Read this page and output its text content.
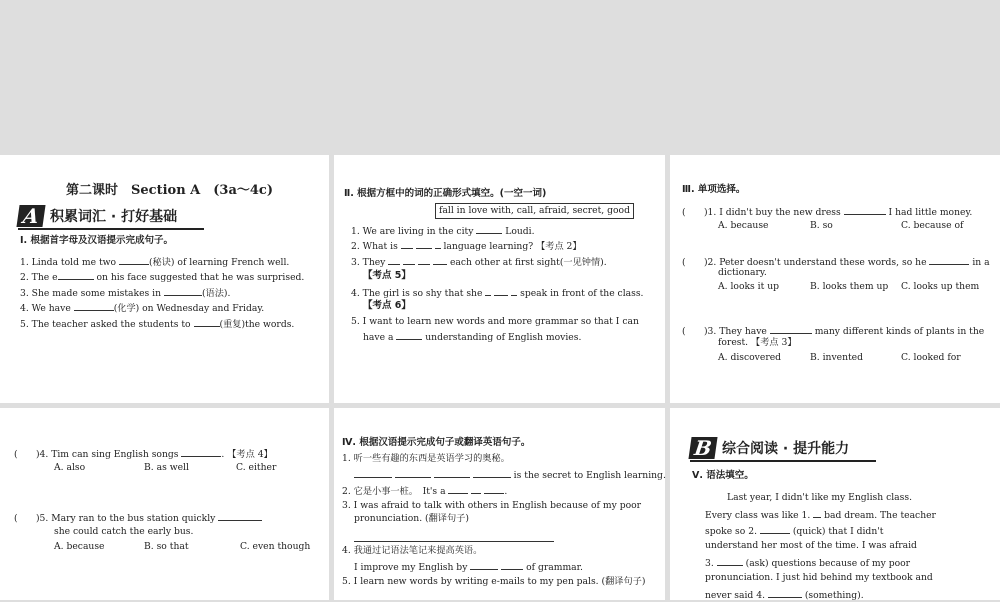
第二课时　Section A　(3a～4c)
A 积累词汇 · 打好基础
Ⅰ. 根据首字母及汉语提示完成句子。
1. Linda told me two	(秘诀) of learning French well.
2. The e	on his face suggested that he was surprised.
3. She made some mistakes in	(语法).
4. We have	(化学) on Wednesday and Friday.
5. The teacher asked the students to	(重复)the words.
Ⅱ. 根据方框中的词的正确形式填空。(一空一词)
fall in love with, call, afraid, secret, good
1. We are living in the city	Loudi.
2. What is	language learning? 【考点 2】
3. They	each other at first sight(一见钟情).
【考点 5】
4. The girl is so shy that she	speak in front of the class.
【考点 6】
5. I want to learn new words and more grammar so that I can
have a	understanding of English movies.
Ⅲ. 单项选择。
(　　)1. I didn't buy the new dress	I had little money.
A. because	B. so	C. because of
(　　)2. Peter doesn't understand these words, so he	in a
dictionary.
A. looks it up	B. looks them up C. looks up them
(　　)3. They have	many different kinds of plants in the
forest. 【考点 3】
A. discovered	B. invented	C. looked for
(　　)4. Tim can sing English songs	. 【考点 4】
A. also	B. as well	C. either
(　　)5. Mary ran to the bus station quickly
she could catch the early bus.
A. because	B. so that	C. even though
Ⅳ. 根据汉语提示完成句子或翻译英语句子。
1. 听一些有趣的东西是英语学习的奥秘。
is the secret to English learning.
2. 它是小事一桩。　It's a	.
3. I was afraid to talk with others in English because of my poor
pronunciation. (翻译句子)
4. 我通过记语法笔记来提高英语。
I improve my English by	of grammar.
5. I learn new words by writing e-mails to my pen pals. (翻译句子)
B 综合阅读 · 提升能力
Ⅴ. 语法填空。
Last year, I didn't like my English class.
Every class was like 1.  bad dream. The teacher
spoke so 2.	(quick) that I didn't
understand her most of the time. I was afraid
3.	(ask) questions because of my poor
pronunciation. I just hid behind my textbook and
never said 4.	(something).
